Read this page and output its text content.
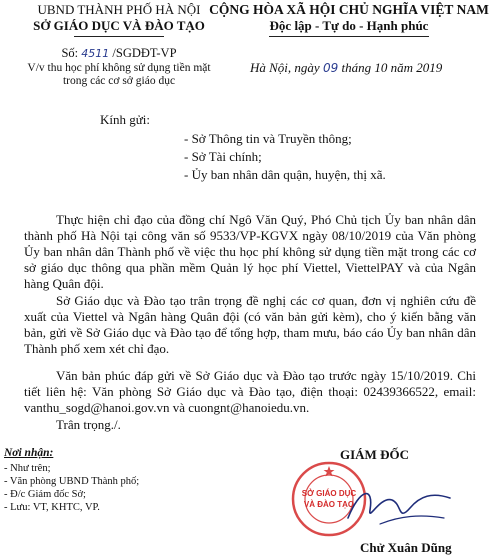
UBND THÀNH PHỐ HÀ NỘI
SỞ GIÁO DỤC VÀ ĐÀO TẠO
CỘNG HÒA XÃ HỘI CHỦ NGHĨA VIỆT NAM
Độc lập - Tự do - Hạnh phúc
Số: 4511 /SGDĐT-VP
V/v thu học phí không sử dụng tiền mặt
trong các cơ sở giáo dục
Hà Nội, ngày 09 tháng 10 năm 2019
Kính gửi:
- Sở Thông tin và Truyền thông;
- Sở Tài chính;
- Ủy ban nhân dân quận, huyện, thị xã.
Thực hiện chỉ đạo của đồng chí Ngô Văn Quý, Phó Chủ tịch Ủy ban nhân dân thành phố Hà Nội tại công văn số 9533/VP-KGVX ngày 08/10/2019 của Văn phòng Ủy ban nhân dân Thành phố về việc thu học phí không sử dụng tiền mặt trong các cơ sở giáo dục thông qua phần mềm Quản lý học phí Viettel, ViettelPAY và của Ngân hàng Quân đội.
Sở Giáo dục và Đào tạo trân trọng đề nghị các cơ quan, đơn vị nghiên cứu đề xuất của Viettel và Ngân hàng Quân đội (có văn bản gửi kèm), cho ý kiến bằng văn bản, gửi về Sở Giáo dục và Đào tạo để tổng hợp, tham mưu, báo cáo Ủy ban nhân dân Thành phố xem xét chỉ đạo.
Văn bản phúc đáp gửi về Sở Giáo dục và Đào tạo trước ngày 15/10/2019. Chi tiết liên hệ: Văn phòng Sở Giáo dục và Đào tạo, điện thoại: 02439366522, email: vanthu_sogd@hanoi.gov.vn và cuongnt@hanoiedu.vn.
Trân trọng./.
Nơi nhận:
- Như trên;
- Văn phòng UBND Thành phố;
- Đ/c Giám đốc Sở;
- Lưu: VT, KHTC, VP.
GIÁM ĐỐC
SỞ GIÁO DỤC
VÀ ĐÀO TẠO
Chử Xuân Dũng
